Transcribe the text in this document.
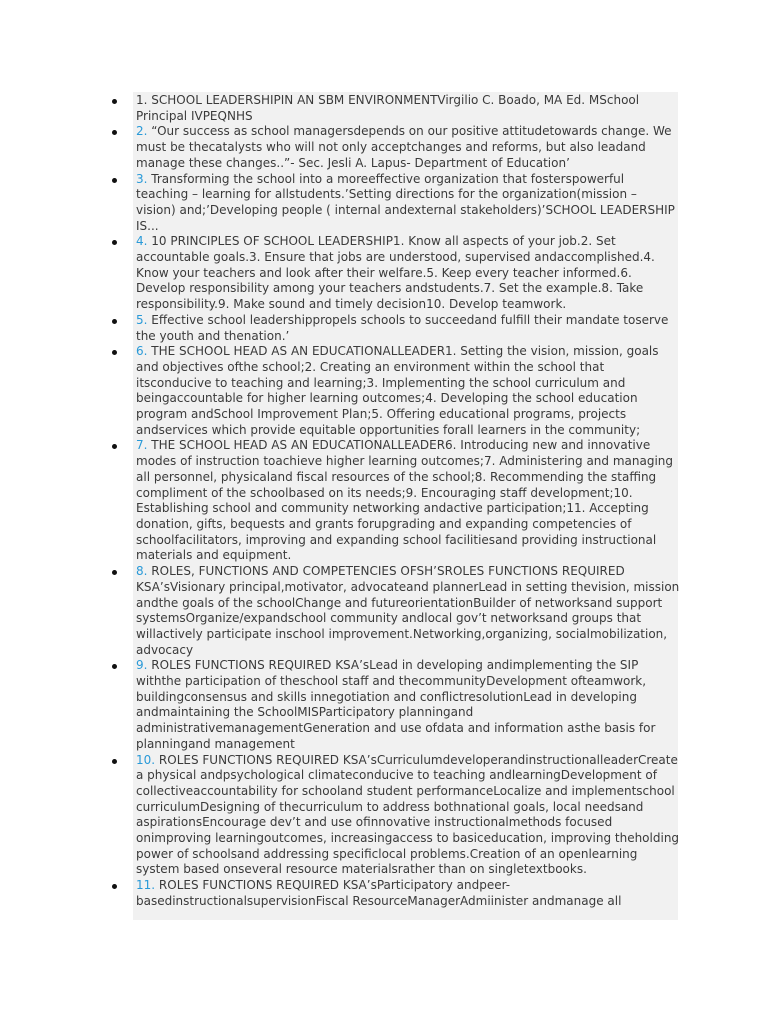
1. SCHOOL LEADERSHIPIN AN SBM ENVIRONMENTVirgilio C. Boado, MA Ed. MSchool Principal IVPEQNHS
2. “Our success as school managersdepends on our positive attitudetowards change. We must be thecatalysts who will not only acceptchanges and reforms, but also leadand manage these changes..”- Sec. Jesli A. Lapus- Department of Education’
3. Transforming the school into a moreeffective organization that fosterspowerful teaching – learning for allstudents.’Setting directions for the organization(mission – vision) and;’Developing people ( internal andexternal stakeholders)’SCHOOL LEADERSHIP IS...
4. 10 PRINCIPLES OF SCHOOL LEADERSHIP1. Know all aspects of your job.2. Set accountable goals.3. Ensure that jobs are understood, supervised andaccomplished.4. Know your teachers and look after their welfare.5. Keep every teacher informed.6. Develop responsibility among your teachers andstudents.7. Set the example.8. Take responsibility.9. Make sound and timely decision10. Develop teamwork.
5. Effective school leadershippropels schools to succeedand fulfill their mandate toserve the youth and thenation.’
6. THE SCHOOL HEAD AS AN EDUCATIONALLEADER1. Setting the vision, mission, goals and objectives ofthe school;2. Creating an environment within the school that itsconducive to teaching and learning;3. Implementing the school curriculum and beingaccountable for higher learning outcomes;4. Developing the school education program andSchool Improvement Plan;5. Offering educational programs, projects andservices which provide equitable opportunities forall learners in the community;
7. THE SCHOOL HEAD AS AN EDUCATIONALLEADER6. Introducing new and innovative modes of instruction toachieve higher learning outcomes;7. Administering and managing all personnel, physicaland fiscal resources of the school;8. Recommending the staffing compliment of the schoolbased on its needs;9. Encouraging staff development;10. Establishing school and community networking andactive participation;11. Accepting donation, gifts, bequests and grants forupgrading and expanding competencies of schoolfacilitators, improving and expanding school facilitiesand providing instructional materials and equipment.
8. ROLES, FUNCTIONS AND COMPETENCIES OFSH’SROLES FUNCTIONS REQUIRED KSA’sVisionary principal,motivator, advocateand plannerLead in setting thevision, mission andthe goals of the schoolChange and futureorientationBuilder of networksand support systemsOrganize/expandschool community andlocal gov’t networksand groups that willactively participate inschool improvement.Networking,organizing, socialmobilization, advocacy
9. ROLES FUNCTIONS REQUIRED KSA’sLead in developing andimplementing the SIP withthe participation of theschool staff and thecommunityDevelopment ofteamwork, buildingconsensus and skills innegotiation and conflictresolutionLead in developing andmaintaining the SchoolMISParticipatory planningand administrativemanagementGeneration and use ofdata and information asthe basis for planningand management
10. ROLES FUNCTIONS REQUIRED KSA’sCurriculumdeveloperandinstructionalleaderCreate a physical andpsychological climateconducive to teaching andlearningDevelopment of collectiveaccountability for schooland student performanceLocalize and implementschool curriculumDesigning of thecurriculum to address bothnational goals, local needsand aspirationsEncourage dev’t and use ofinnovative instructionalmethods focused onimproving learningoutcomes, increasingaccess to basiceducation, improving theholding power of schoolsand addressing specificlocal problems.Creation of an openlearning system based onseveral resource materialsrather than on singletextbooks.
11. ROLES FUNCTIONS REQUIRED KSA’sParticipatory andpeer-basedinstructionalsupervisionFiscal ResourceManagerAdmiinister andmanage all
